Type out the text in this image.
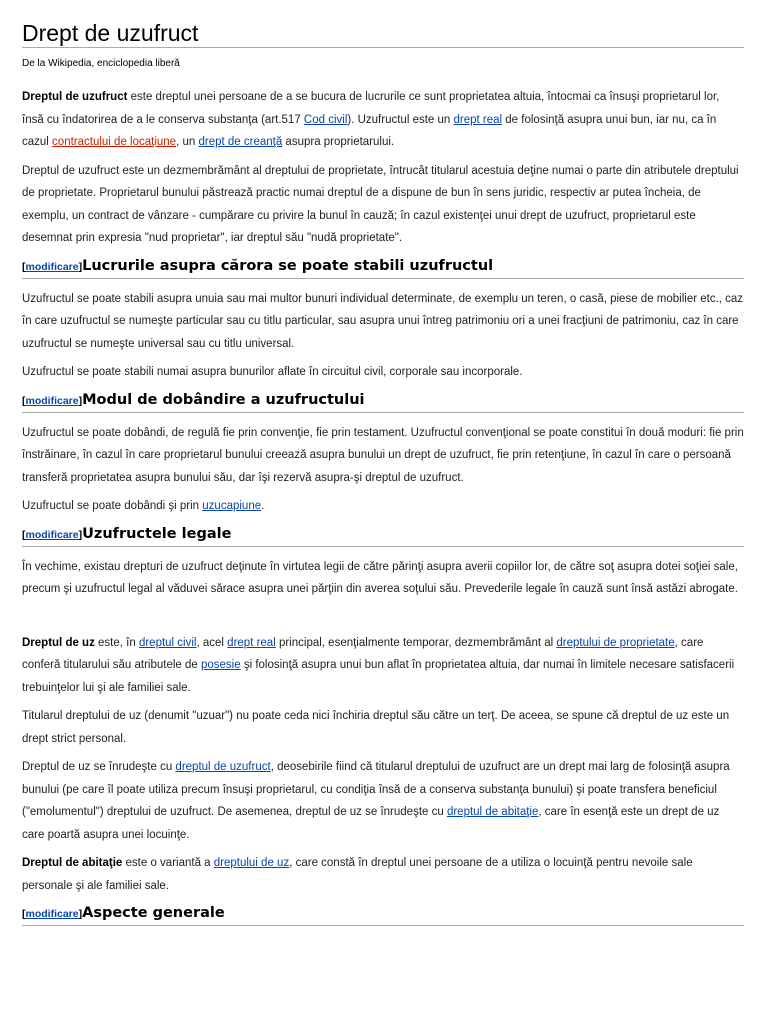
Drept de uzufruct
De la Wikipedia, enciclopedia liberă

Dreptul de uzufruct este dreptul unei persoane de a se bucura de lucrurile ce sunt proprietatea altuia, întocmai ca însuşi proprietarul lor, însă cu îndatorirea de a le conserva substanţa (art.517 Cod civil). Uzufructul este un drept real de folosinţă asupra unui bun, iar nu, ca în cazul contractului de locaţiune, un drept de creanţă asupra proprietarului.

Dreptul de uzufruct este un dezmembrământ al dreptului de proprietate, întrucât titularul acestuia deţine numai o parte din atributele dreptului de proprietate. Proprietarul bunului păstrează practic numai dreptul de a dispune de bun în sens juridic, respectiv ar putea încheia, de exemplu, un contract de vânzare - cumpărare cu privire la bunul în cauză; în cazul existenţei unui drept de uzufruct, proprietarul este desemnat prin expresia "nud proprietar", iar dreptul său "nudă proprietate".

[modificare]Lucrurile asupra cărora se poate stabili uzufructul

Uzufructul se poate stabili asupra unuia sau mai multor bunuri individual determinate, de exemplu un teren, o casă, piese de mobilier etc., caz în care uzufructul se numeşte particular sau cu titlu particular, sau asupra unui întreg patrimoniu ori a unei fracţiuni de patrimoniu, caz în care uzufructul se numeşte universal sau cu titlu universal.

Uzufructul se poate stabili numai asupra bunurilor aflate în circuitul civil, corporale sau incorporale.

[modificare]Modul de dobândire a uzufructului

Uzufructul se poate dobândi, de regulă fie prin convenţie, fie prin testament. Uzufructul convenţional se poate constitui în două moduri: fie prin înstrăinare, în cazul în care proprietarul bunului creează asupra bunului un drept de uzufruct, fie prin retenţiune, în cazul în care o persoană transferă proprietatea asupra bunului său, dar îşi rezervă asupra-şi dreptul de uzufruct.

Uzufructul se poate dobândi şi prin uzucapiune.

[modificare]Uzufructele legale

În vechime, existau drepturi de uzufruct deţinute în virtutea legii de către părinţi asupra averii copiilor lor, de către soţ asupra dotei soţiei sale, precum şi uzufructul legal al văduvei sărace asupra unei părţiin din averea soţului său. Prevederile legale în cauză sunt însă astăzi abrogate.

Dreptul de uz este, în dreptul civil, acel drept real principal, esenţialmente temporar, dezmembrământ al dreptului de proprietate, care conferă titularului său atributele de posesie şi folosinţă asupra unui bun aflat în proprietatea altuia, dar numai în limitele necesare satisfacerii trebuinţelor lui şi ale familiei sale.

Titularul dreptului de uz (denumit "uzuar") nu poate ceda nici închiria dreptul său către un terţ. De aceea, se spune că dreptul de uz este un drept strict personal.

Dreptul de uz se înrudeşte cu dreptul de uzufruct, deosebirile fiind că titularul dreptului de uzufruct are un drept mai larg de folosinţă asupra bunului (pe care îl poate utiliza precum însuşi proprietarul, cu condiţia însă de a conserva substanţa bunului) şi poate transfera beneficiul ("emolumentul") dreptului de uzufruct. De asemenea, dreptul de uz se înrudeşte cu dreptul de abitaţie, care în esenţă este un drept de uz care poartă asupra unei locuinţe.

Dreptul de abitaţie este o variantă a dreptului de uz, care constă în dreptul unei persoane de a utiliza o locuinţă pentru nevoile sale personale şi ale familiei sale.

[modificare]Aspecte generale
